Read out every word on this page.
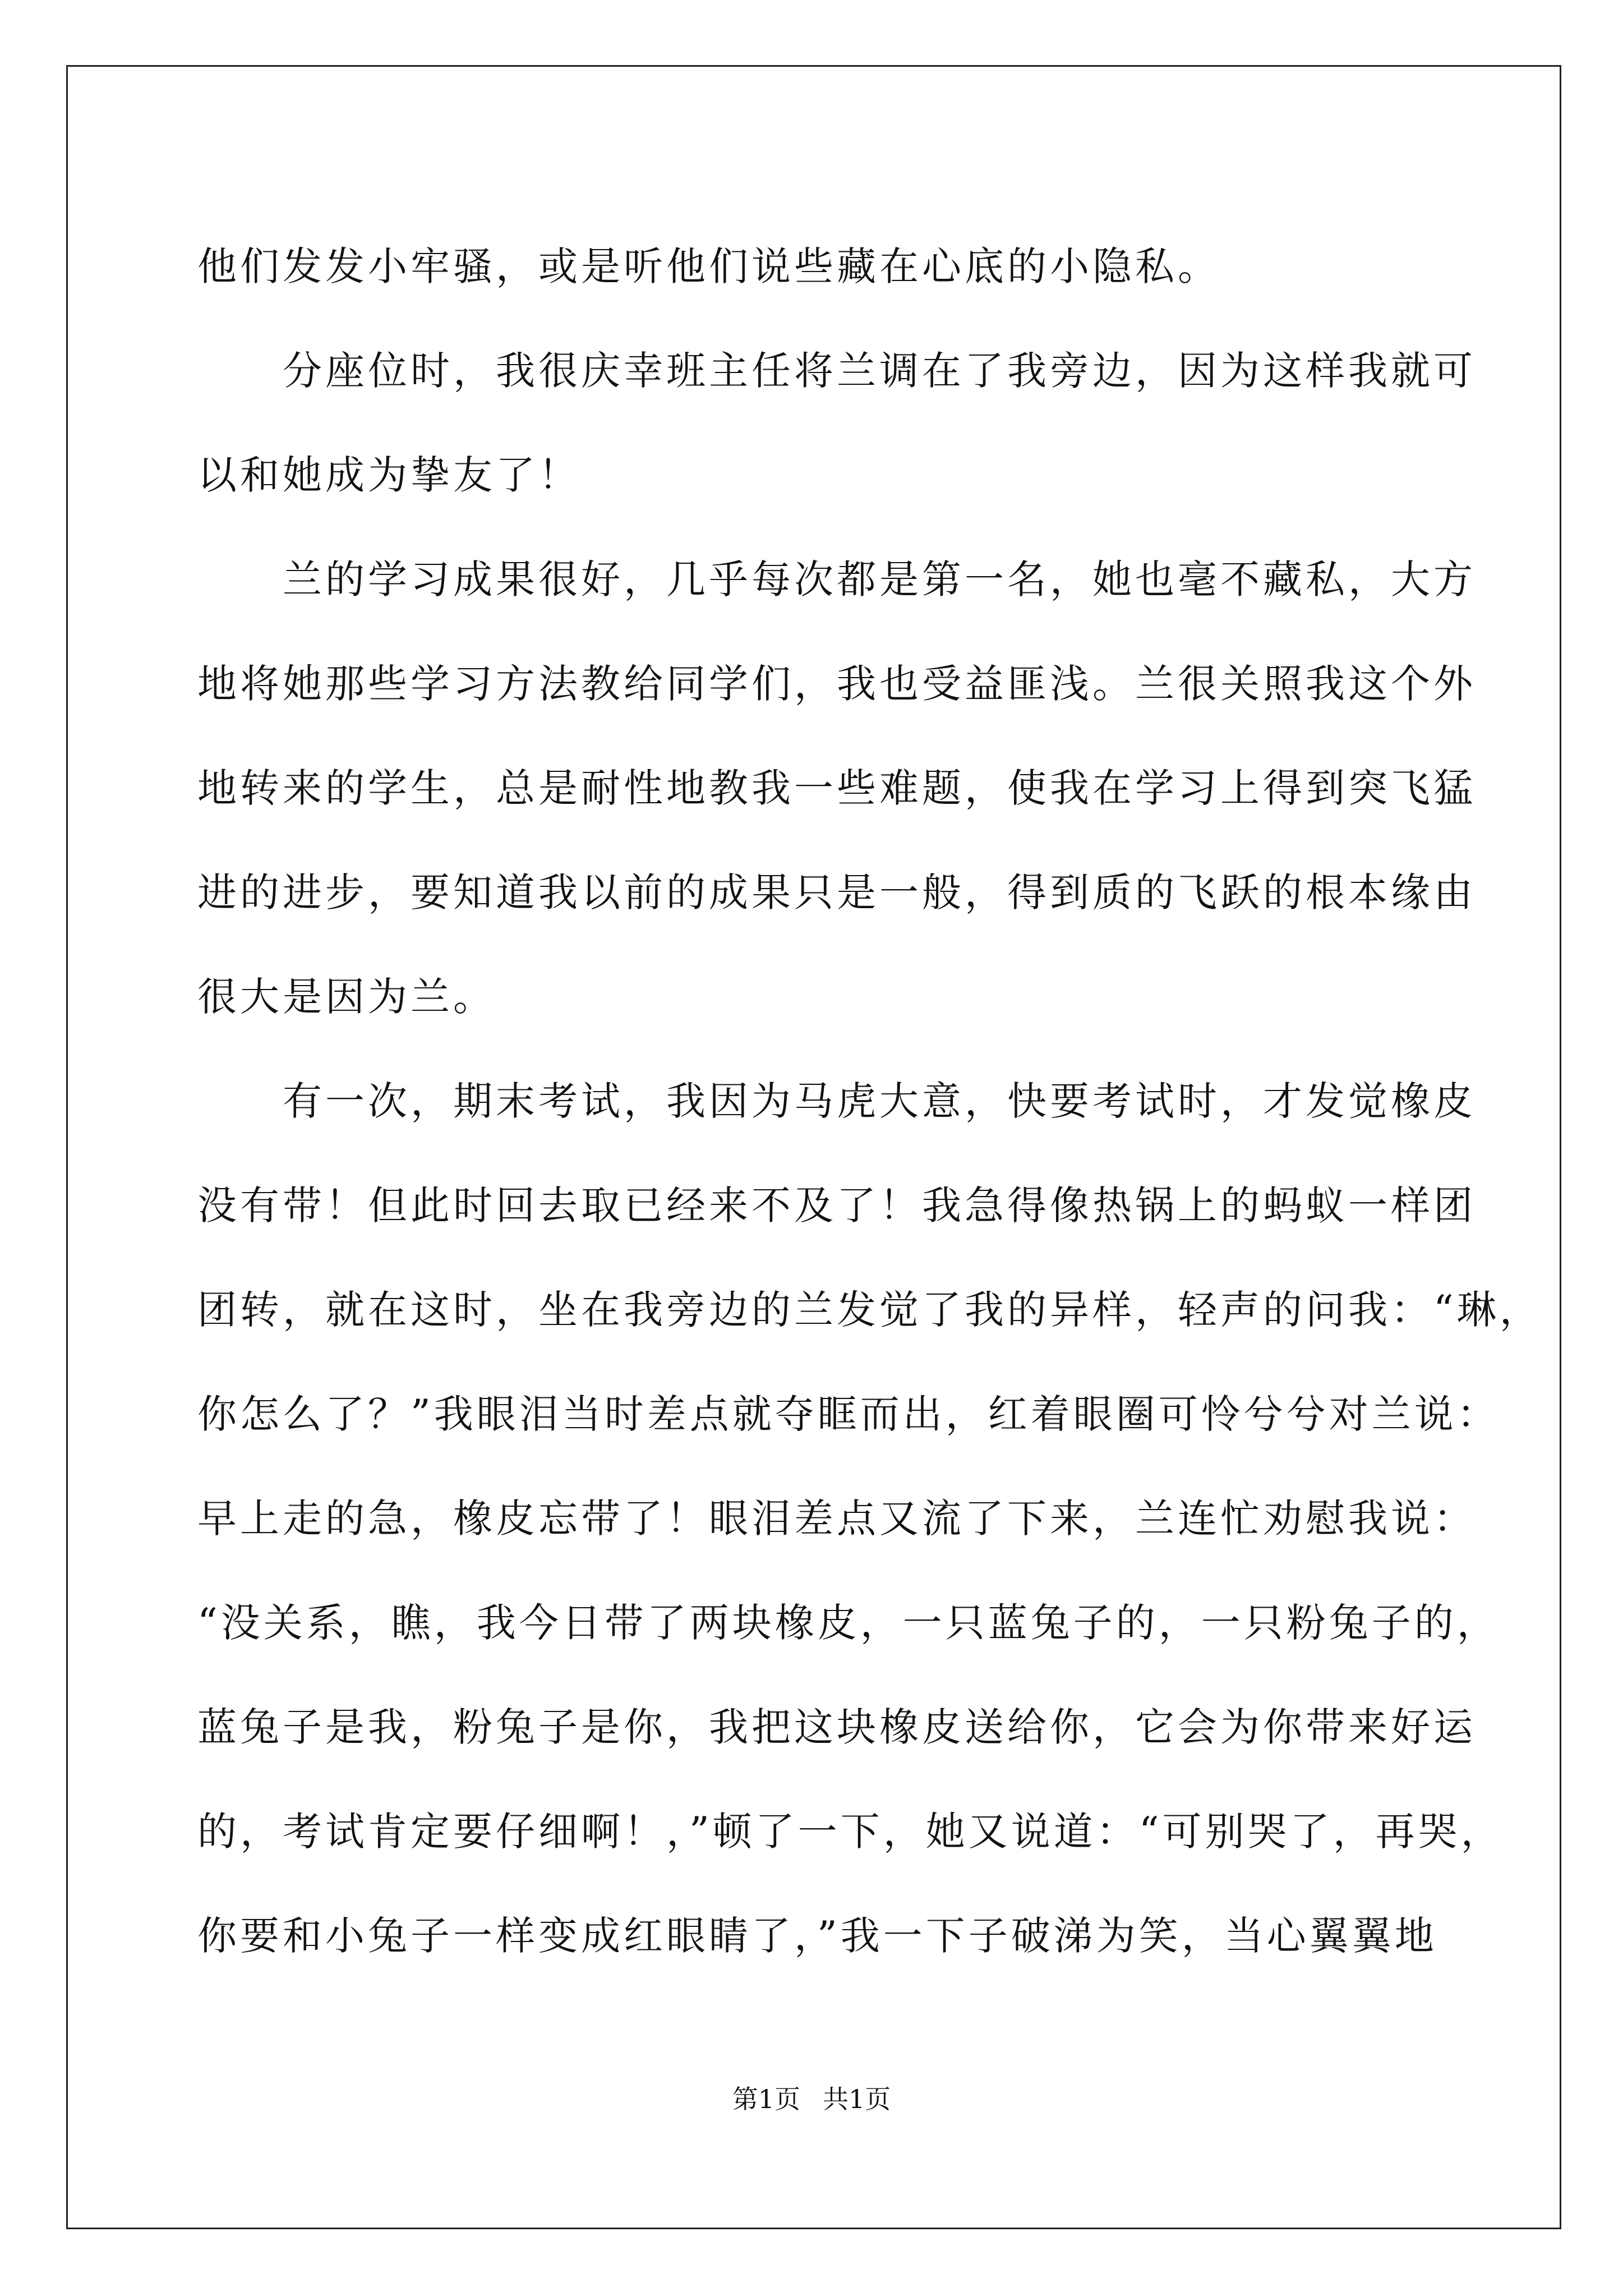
他们发发小牢骚，或是听他们说些藏在心底的小隐私。
　　分座位时，我很庆幸班主任将兰调在了我旁边，因为这样我就可
以和她成为挚友了！
　　兰的学习成果很好，几乎每次都是第一名，她也毫不藏私，大方
地将她那些学习方法教给同学们，我也受益匪浅。兰很关照我这个外
地转来的学生，总是耐性地教我一些难题，使我在学习上得到突飞猛
进的进步，要知道我以前的成果只是一般，得到质的飞跃的根本缘由
很大是因为兰。
　　有一次，期末考试，我因为马虎大意，快要考试时，才发觉橡皮
没有带！但此时回去取已经来不及了！我急得像热锅上的蚂蚁一样团
团转，就在这时，坐在我旁边的兰发觉了我的异样，轻声的问我：“琳，
你怎么了？”我眼泪当时差点就夺眶而出，红着眼圈可怜兮兮对兰说：
早上走的急，橡皮忘带了！眼泪差点又流了下来，兰连忙劝慰我说：
“没关系，瞧，我今日带了两块橡皮，一只蓝兔子的，一只粉兔子的，
蓝兔子是我，粉兔子是你，我把这块橡皮送给你，它会为你带来好运
的，考试肯定要仔细啊！，”顿了一下，她又说道：“可别哭了，再哭，
你要和小兔子一样变成红眼睛了，”我一下子破涕为笑，当心翼翼地
第1页 共1页
